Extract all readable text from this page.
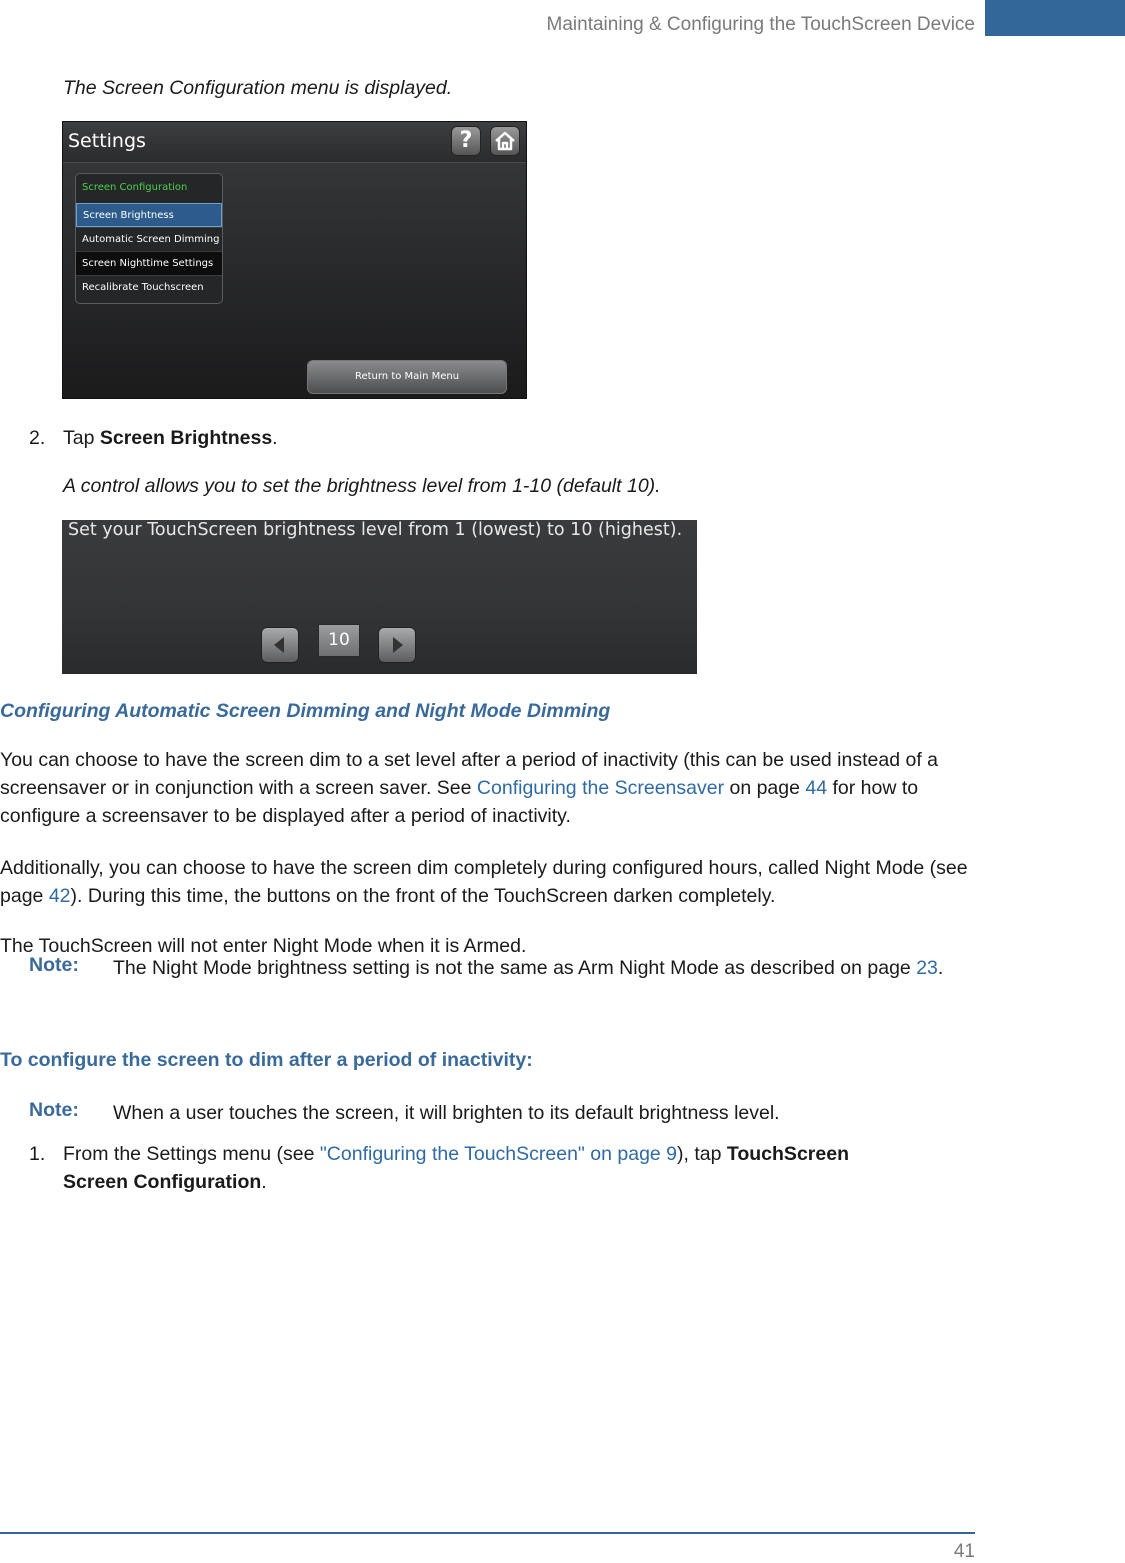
Maintaining & Configuring the TouchScreen Device
The Screen Configuration menu is displayed.
Settings	?
Screen Configuration
Screen Brightness
Automatic Screen Dimming
Screen Nighttime Settings
Recalibrate Touchscreen
Return to Main Menu
2. Tap Screen Brightness.
A control allows you to set the brightness level from 1-10 (default 10).
Set your TouchScreen brightness level from 1 (lowest) to 10 (highest).
10
Configuring Automatic Screen Dimming and Night Mode Dimming
You can choose to have the screen dim to a set level after a period of inactivity (this can be used instead of a screensaver or in conjunction with a screen saver. See Configuring the Screensaver on page 44 for how to configure a screensaver to be displayed after a period of inactivity.
Additionally, you can choose to have the screen dim completely during configured hours, called Night Mode (see page 42). During this time, the buttons on the front of the TouchScreen darken completely.
The TouchScreen will not enter Night Mode when it is Armed.
Note: The Night Mode brightness setting is not the same as Arm Night Mode as described on page 23.
To configure the screen to dim after a period of inactivity:
Note: When a user touches the screen, it will brighten to its default brightness level.
1. From the Settings menu (see "Configuring the TouchScreen" on page 9), tap TouchScreen
Screen Configuration.
41
